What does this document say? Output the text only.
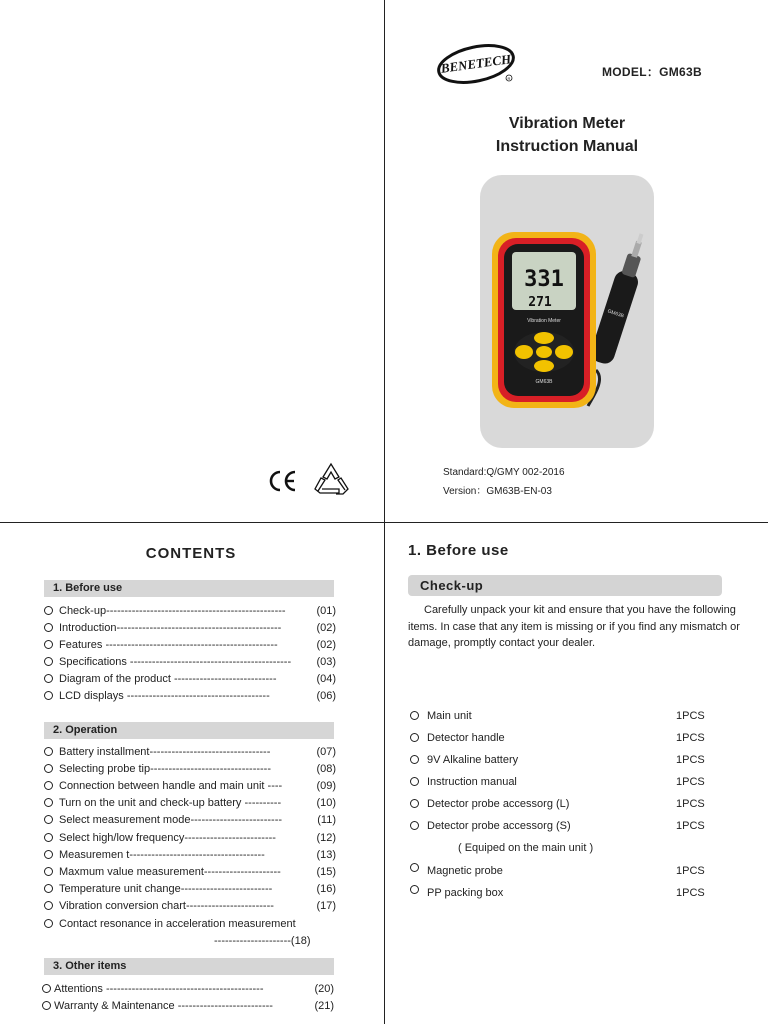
BENETECH
R	MODEL：GM63B
Vibration Meter
Instruction Manual
GM63B
331
271
Vibration Meter
GM63B
Standard:Q/GMY 002-2016
Version：GM63B-EN-03
CONTENTS
1. Before use
Check-up-------------------------------------------------	(01)
Introduction---------------------------------------------	(02)
Features -----------------------------------------------	(02)
Specifications -------------------------------------------- (03)
Diagram of the product ----------------------------	(04)
LCD displays ---------------------------------------	(06)
2. Operation
Battery installment---------------------------------	(07)
Selecting probe tip---------------------------------	(08)
Connection between handle and main unit ----	(09)
Turn on the unit and check-up battery ----------	(10)
Select measurement mode-------------------------	(11)
Select high/low frequency-------------------------	(12)
Measuremen t-------------------------------------	(13)
Maxmum value measurement---------------------	(15)
Temperature unit change-------------------------	(16)
Vibration conversion chart------------------------	(17)
Contact resonance in acceleration measurement
---------------------(18)
3. Other items
Attentions -------------------------------------------	(20)
Warranty & Maintenance --------------------------	(21)
1. Before use
Check-up
Carefully unpack your kit and ensure that you have the following items. In case that any item is missing or if you find any mismatch or damage, promptly contact your dealer.
Main unit	1PCS
Detector handle	1PCS
9V Alkaline battery	1PCS
Instruction manual	1PCS
Detector probe accessorg (L)	1PCS
Detector probe accessorg (S)	1PCS
( Equiped on the main unit )
Magnetic probe	1PCS
PP packing box	1PCS
